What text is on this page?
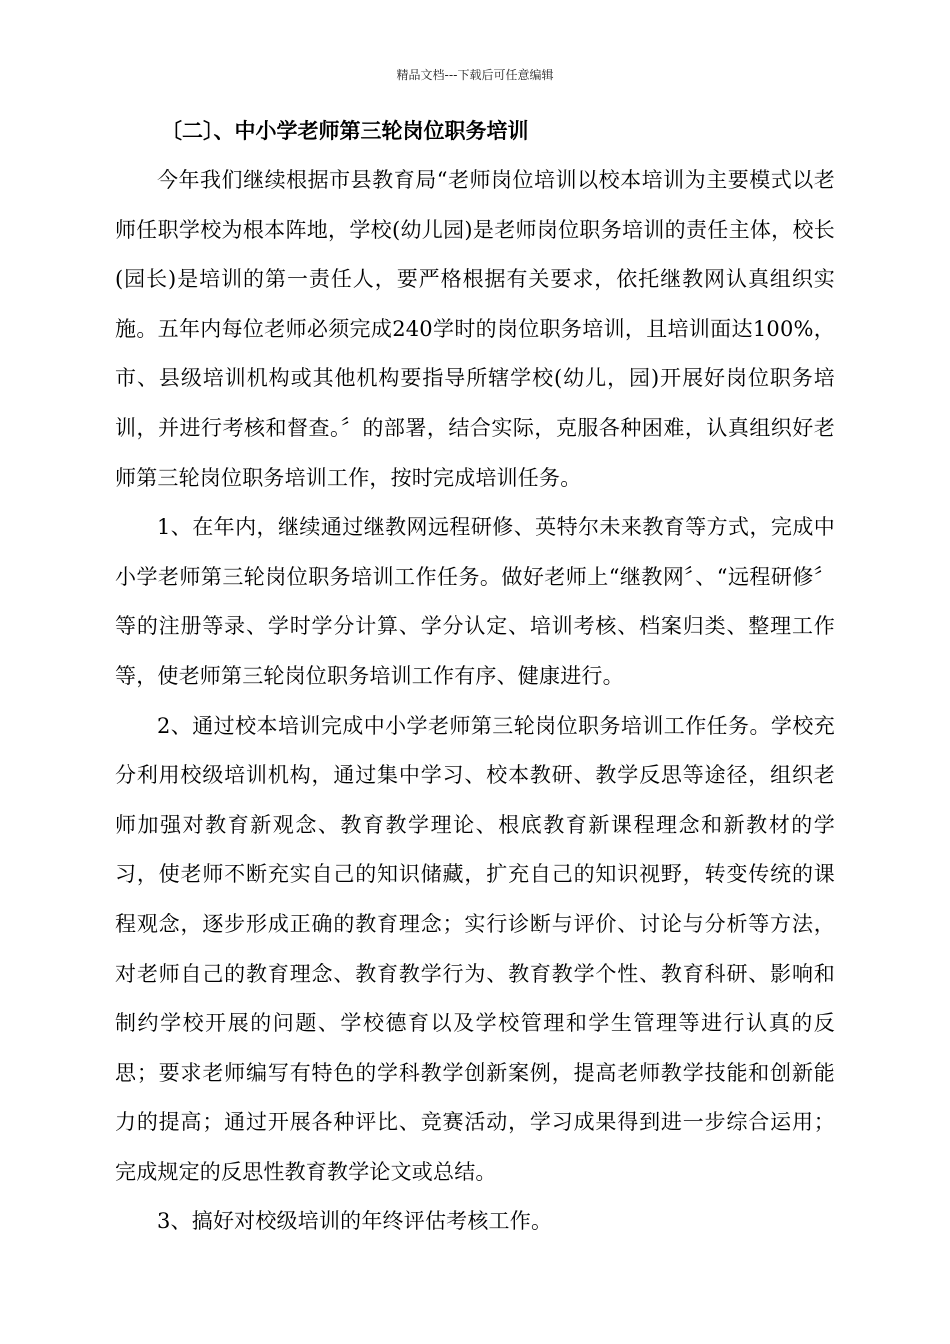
精品文档---下载后可任意编辑
〔二〕、中小学老师第三轮岗位职务培训

今年我们继续根据市县教育局“老师岗位培训以校本培训为主要模式以老师任职学校为根本阵地，学校(幼儿园)是老师岗位职务培训的责任主体，校长 (园长)是培训的第一责任人，要严格根据有关要求，依托继教网认真组织实施。五年内每位老师必须完成240学时的岗位职务培训，且培训面达100%，市、县级培训机构或其他机构要指导所辖学校(幼儿，园)开展好岗位职务培训，并进行考核和督查。〞的部署，结合实际，克服各种困难，认真组织好老师第三轮岗位职务培训工作，按时完成培训任务。

1、在年内，继续通过继教网远程研修、英特尔未来教育等方式，完成中小学老师第三轮岗位职务培训工作任务。做好老师上“继教网〞、“远程研修〞等的注册等录、学时学分计算、学分认定、培训考核、档案归类、整理工作等，使老师第三轮岗位职务培训工作有序、健康进行。

2、通过校本培训完成中小学老师第三轮岗位职务培训工作任务。学校充分利用校级培训机构，通过集中学习、校本教研、教学反思等途径，组织老师加强对教育新观念、教育教学理论、根底教育新课程理念和新教材的学习，使老师不断充实自己的知识储藏，扩充自己的知识视野，转变传统的课程观念，逐步形成正确的教育理念；实行诊断与评价、讨论与分析等方法，对老师自己的教育理念、教育教学行为、教育教学个性、教育科研、影响和制约学校开展的问题、学校德育以及学校管理和学生管理等进行认真的反思；要求老师编写有特色的学科教学创新案例，提高老师教学技能和创新能力的提高；通过开展各种评比、竞赛活动，学习成果得到进一步综合运用；完成规定的反思性教育教学论文或总结。

3、搞好对校级培训的年终评估考核工作。
